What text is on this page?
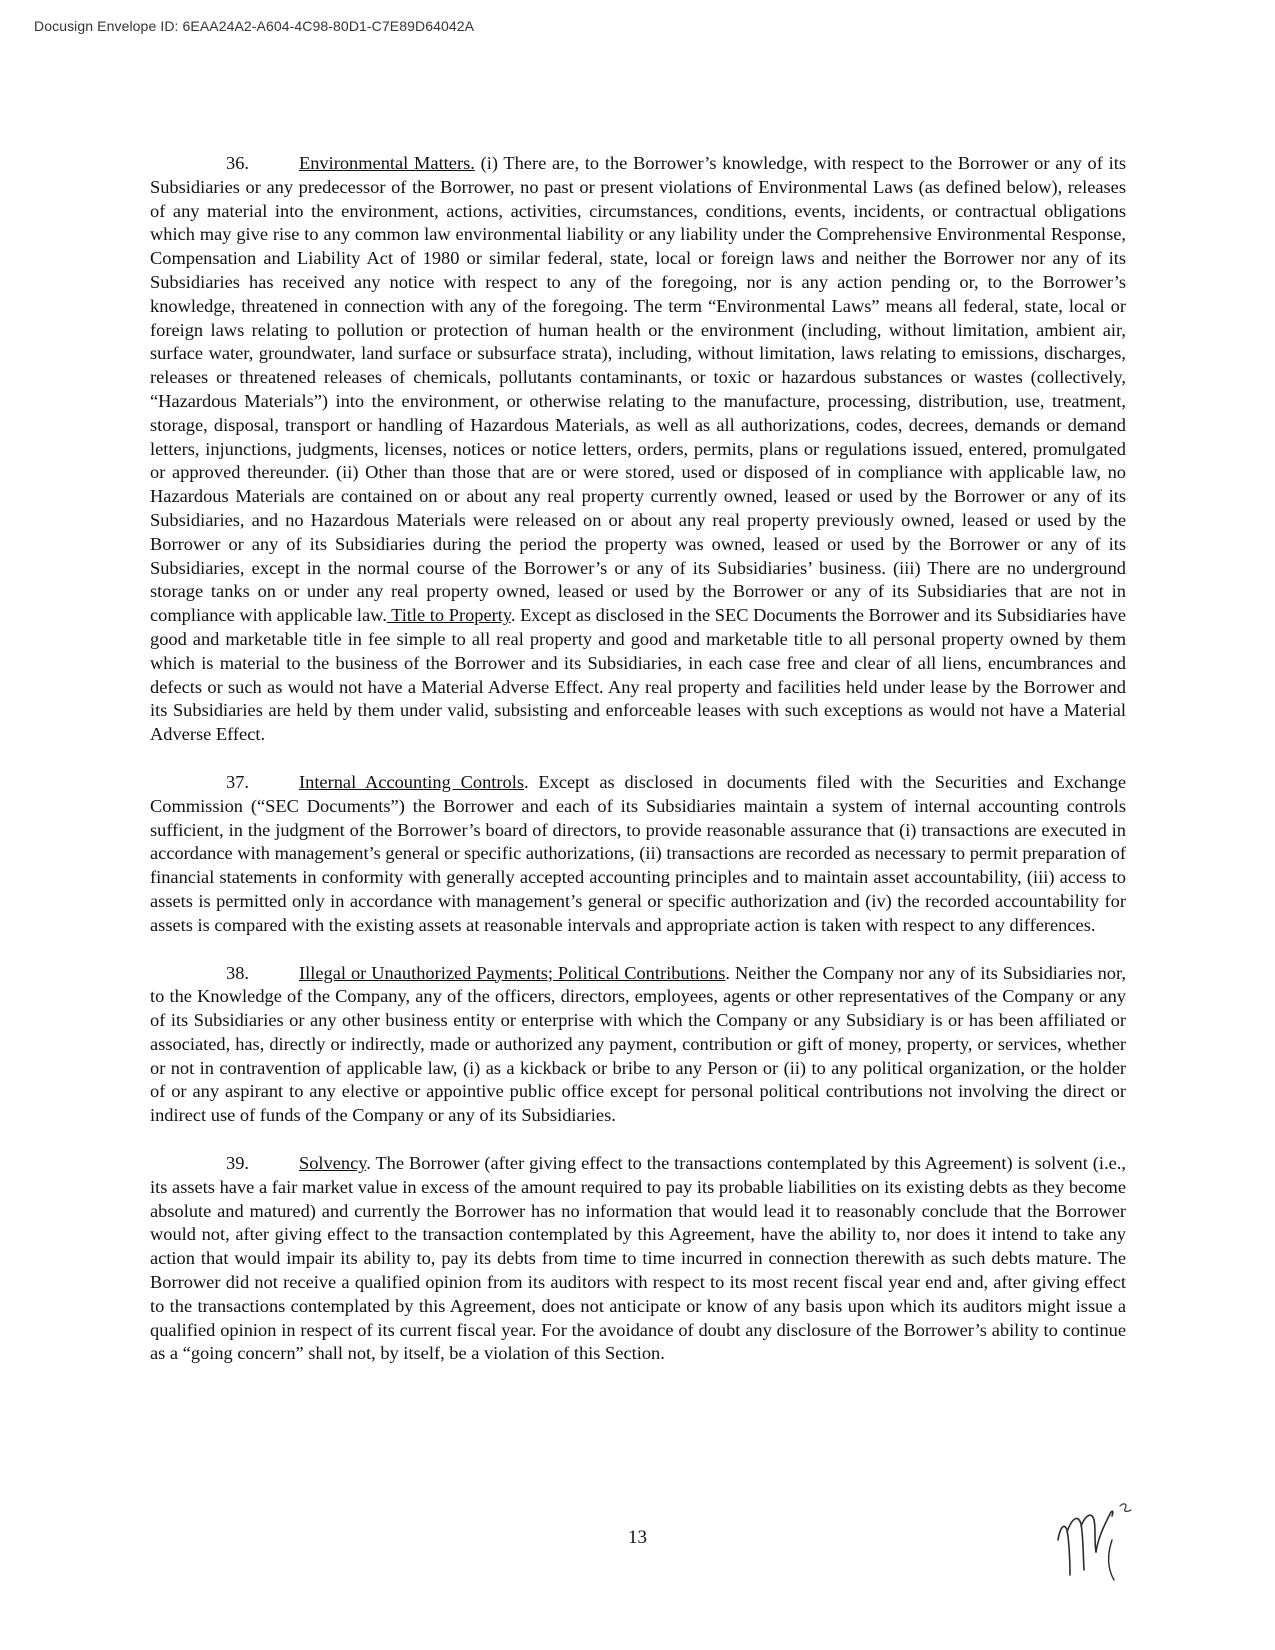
Docusign Envelope ID: 6EAA24A2-A604-4C98-80D1-C7E89D64042A

36.	Environmental Matters. (i) There are, to the Borrower’s knowledge, with respect to the Borrower or any of its Subsidiaries or any predecessor of the Borrower, no past or present violations of Environmental Laws (as defined below), releases of any material into the environment, actions, activities, circumstances, conditions, events, incidents, or contractual obligations which may give rise to any common law environmental liability or any liability under the Comprehensive Environmental Response, Compensation and Liability Act of 1980 or similar federal, state, local or foreign laws and neither the Borrower nor any of its Subsidiaries has received any notice with respect to any of the foregoing, nor is any action pending or, to the Borrower’s knowledge, threatened in connection with any of the foregoing. The term “Environmental Laws” means all federal, state, local or foreign laws relating to pollution or protection of human health or the environment (including, without limitation, ambient air, surface water, groundwater, land surface or subsurface strata), including, without limitation, laws relating to emissions, discharges, releases or threatened releases of chemicals, pollutants contaminants, or toxic or hazardous substances or wastes (collectively, “Hazardous Materials”) into the environment, or otherwise relating to the manufacture, processing, distribution, use, treatment, storage, disposal, transport or handling of Hazardous Materials, as well as all authorizations, codes, decrees, demands or demand letters, injunctions, judgments, licenses, notices or notice letters, orders, permits, plans or regulations issued, entered, promulgated or approved thereunder. (ii) Other than those that are or were stored, used or disposed of in compliance with applicable law, no Hazardous Materials are contained on or about any real property currently owned, leased or used by the Borrower or any of its Subsidiaries, and no Hazardous Materials were released on or about any real property previously owned, leased or used by the Borrower or any of its Subsidiaries during the period the property was owned, leased or used by the Borrower or any of its Subsidiaries, except in the normal course of the Borrower’s or any of its Subsidiaries’ business. (iii) There are no underground storage tanks on or under any real property owned, leased or used by the Borrower or any of its Subsidiaries that are not in compliance with applicable law. Title to Property. Except as disclosed in the SEC Documents the Borrower and its Subsidiaries have good and marketable title in fee simple to all real property and good and marketable title to all personal property owned by them which is material to the business of the Borrower and its Subsidiaries, in each case free and clear of all liens, encumbrances and defects or such as would not have a Material Adverse Effect. Any real property and facilities held under lease by the Borrower and its Subsidiaries are held by them under valid, subsisting and enforceable leases with such exceptions as would not have a Material Adverse Effect.

37.	Internal Accounting Controls. Except as disclosed in documents filed with the Securities and Exchange Commission (“SEC Documents”) the Borrower and each of its Subsidiaries maintain a system of internal accounting controls sufficient, in the judgment of the Borrower’s board of directors, to provide reasonable assurance that (i) transactions are executed in accordance with management’s general or specific authorizations, (ii) transactions are recorded as necessary to permit preparation of financial statements in conformity with generally accepted accounting principles and to maintain asset accountability, (iii) access to assets is permitted only in accordance with management’s general or specific authorization and (iv) the recorded accountability for assets is compared with the existing assets at reasonable intervals and appropriate action is taken with respect to any differences.

38.	Illegal or Unauthorized Payments; Political Contributions. Neither the Company nor any of its Subsidiaries nor, to the Knowledge of the Company, any of the officers, directors, employees, agents or other representatives of the Company or any of its Subsidiaries or any other business entity or enterprise with which the Company or any Subsidiary is or has been affiliated or associated, has, directly or indirectly, made or authorized any payment, contribution or gift of money, property, or services, whether or not in contravention of applicable law, (i) as a kickback or bribe to any Person or (ii) to any political organization, or the holder of or any aspirant to any elective or appointive public office except for personal political contributions not involving the direct or indirect use of funds of the Company or any of its Subsidiaries.

39.	Solvency. The Borrower (after giving effect to the transactions contemplated by this Agreement) is solvent (i.e., its assets have a fair market value in excess of the amount required to pay its probable liabilities on its existing debts as they become absolute and matured) and currently the Borrower has no information that would lead it to reasonably conclude that the Borrower would not, after giving effect to the transaction contemplated by this Agreement, have the ability to, nor does it intend to take any action that would impair its ability to, pay its debts from time to time incurred in connection therewith as such debts mature. The Borrower did not receive a qualified opinion from its auditors with respect to its most recent fiscal year end and, after giving effect to the transactions contemplated by this Agreement, does not anticipate or know of any basis upon which its auditors might issue a qualified opinion in respect of its current fiscal year. For the avoidance of doubt any disclosure of the Borrower’s ability to continue as a “going concern” shall not, by itself, be a violation of this Section.

13
